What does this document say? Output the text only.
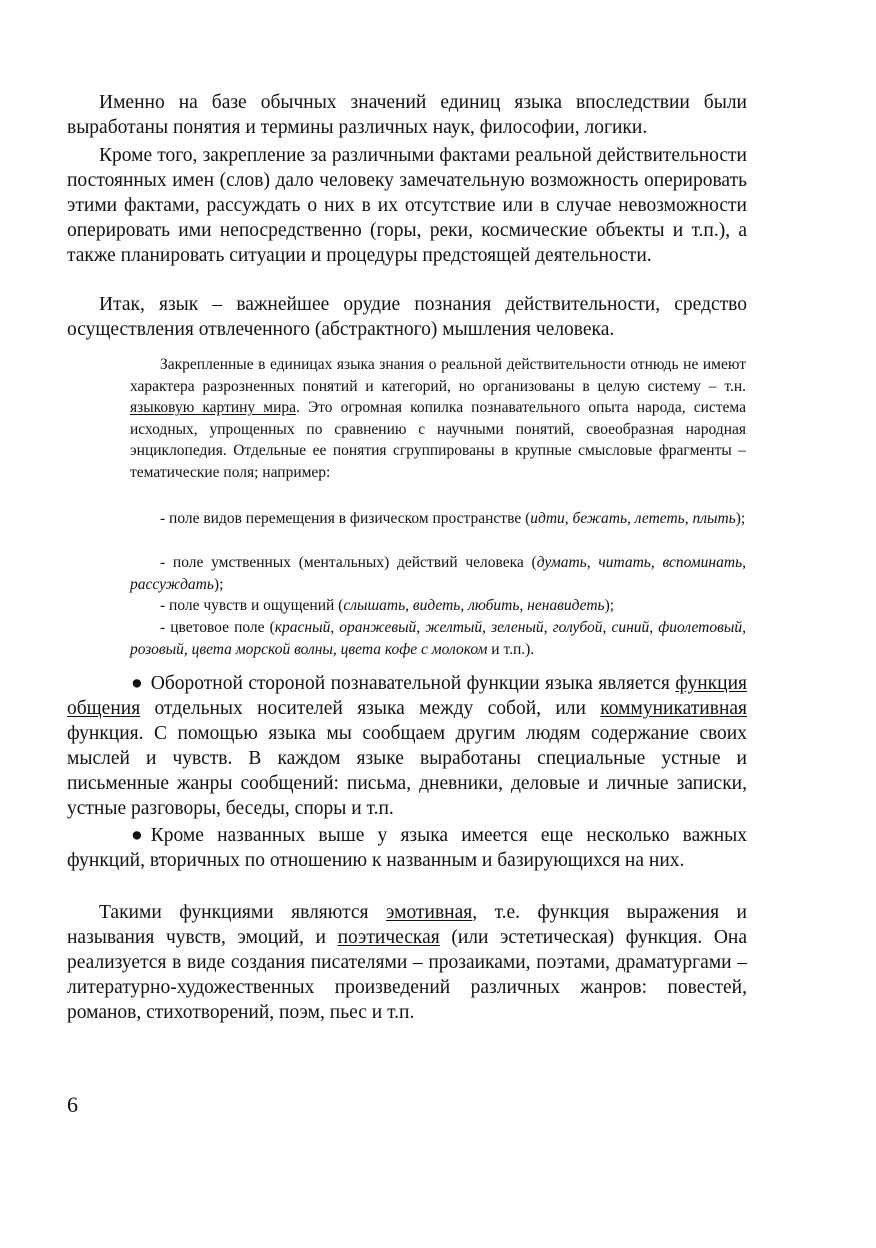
Именно на базе обычных значений единиц языка впоследствии были выработаны понятия и термины различных наук, философии, логики.

Кроме того, закрепление за различными фактами реальной действительности постоянных имен (слов) дало человеку замечательную возможность оперировать этими фактами, рассуждать о них в их отсутствие или в случае невозможности оперировать ими непосредственно (горы, реки, космические объекты и т.п.), а также планировать ситуации и процедуры предстоящей деятельности.

Итак, язык – важнейшее орудие познания действительности, средство осуществления отвлеченного (абстрактного) мышления человека.

Закрепленные в единицах языка знания о реальной действительности отнюдь не имеют характера разрозненных понятий и категорий, но организованы в целую систему – т.н. языковую картину мира. Это огромная копилка познавательного опыта народа, система исходных, упрощенных по сравнению с научными понятий, своеобразная народная энциклопедия. Отдельные ее понятия сгруппированы в крупные смысловые фрагменты – тематические поля; например:

- поле видов перемещения в физическом пространстве (идти, бежать, лететь, плыть);

- поле умственных (ментальных) действий человека (думать, читать, вспоминать, рассуждать);

- поле чувств и ощущений (слышать, видеть, любить, ненавидеть);

- цветовое поле (красный, оранжевый, желтый, зеленый, голубой, синий, фиолетовый, розовый, цвета морской волны, цвета кофе с молоком и т.п.).

● Оборотной стороной познавательной функции языка является функция общения отдельных носителей языка между собой, или коммуникативная функция. С помощью языка мы сообщаем другим людям содержание своих мыслей и чувств. В каждом языке выработаны специальные устные и письменные жанры сообщений: письма, дневники, деловые и личные записки, устные разговоры, беседы, споры и т.п.

● Кроме названных выше у языка имеется еще несколько важных функций, вторичных по отношению к названным и базирующихся на них.

Такими функциями являются эмотивная, т.е. функция выражения и называния чувств, эмоций, и поэтическая (или эстетическая) функция. Она реализуется в виде создания писателями – прозаиками, поэтами, драматургами – литературно-художественных произведений различных жанров: повестей, романов, стихотворений, поэм, пьес и т.п.

6
